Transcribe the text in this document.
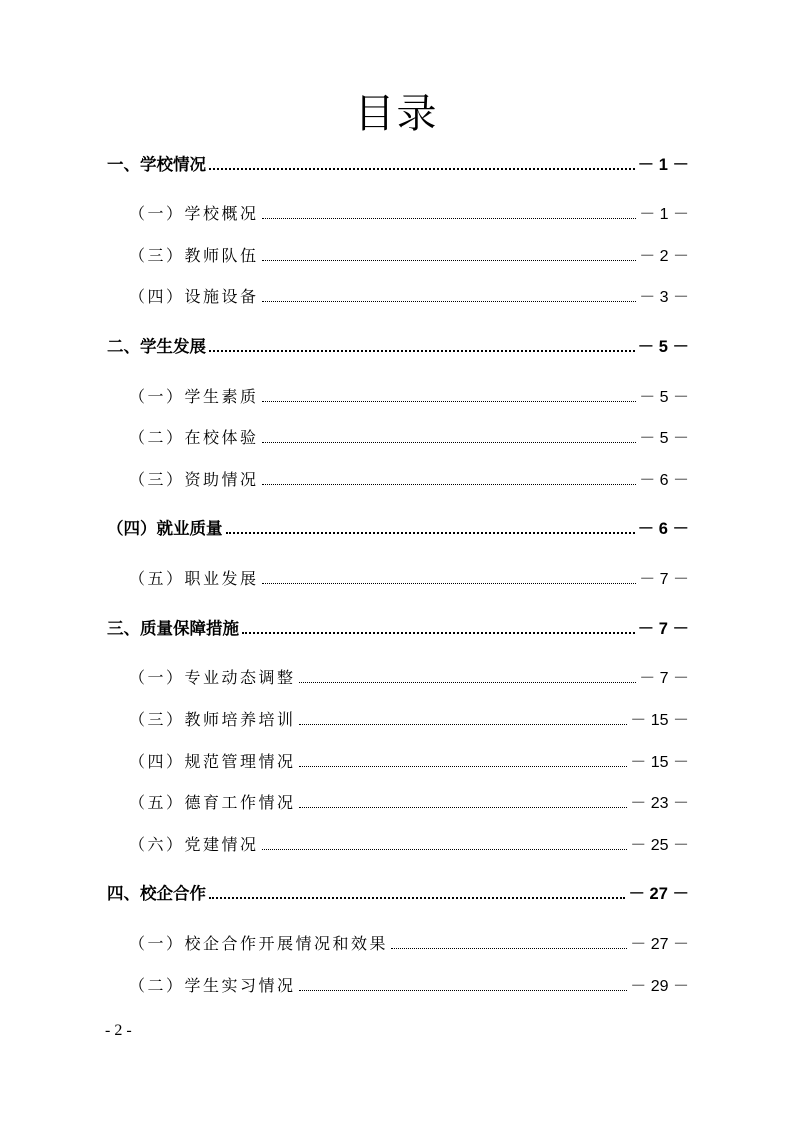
目录
一、学校情况	－ 1 －
（一）学校概况	－ 1 －
（三）教师队伍	－ 2 －
（四）设施设备	－ 3 －
二、学生发展	－ 5 －
（一）学生素质	－ 5 －
（二）在校体验	－ 5 －
（三）资助情况	－ 6 －
（四）就业质量	－ 6 －
（五）职业发展	－ 7 －
三、质量保障措施	－ 7 －
（一）专业动态调整	－ 7 －
（三）教师培养培训	－ 15 －
（四）规范管理情况	－ 15 －
（五）德育工作情况	－ 23 －
（六）党建情况	－ 25 －
四、校企合作	－ 27 －
（一）校企合作开展情况和效果	－ 27 －
（二）学生实习情况	－ 29 －
- 2 -
